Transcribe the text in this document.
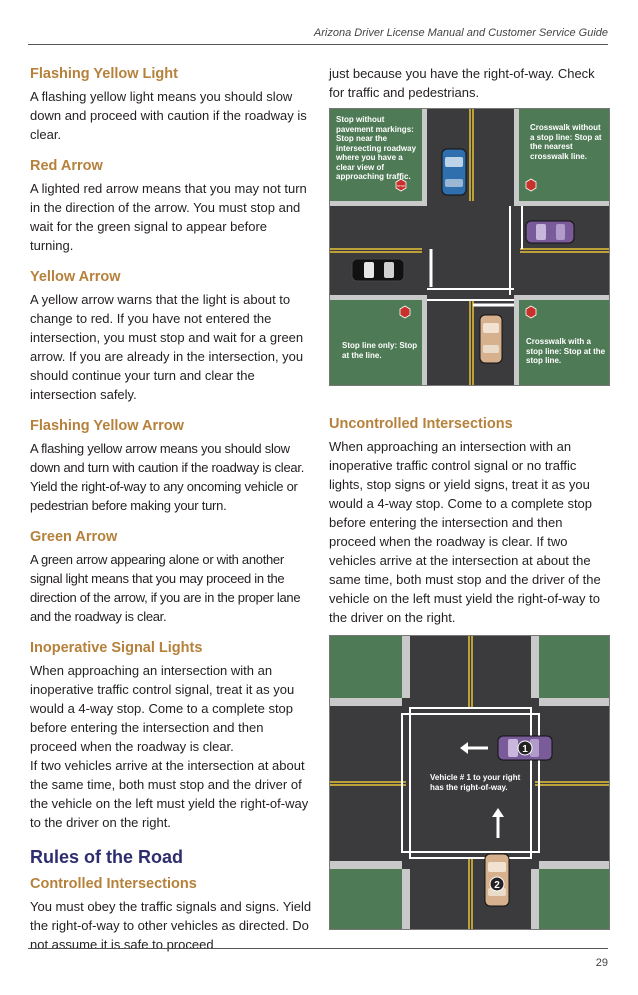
Arizona Driver License Manual and Customer Service Guide
Flashing Yellow Light

A flashing yellow light means you should slow down and proceed with caution if the roadway is clear.

Red Arrow

A lighted red arrow means that you may not turn in the direction of the arrow. You must stop and wait for the green signal to appear before turning.

Yellow Arrow

A yellow arrow warns that the light is about to change to red. If you have not entered the intersection, you must stop and wait for a green arrow. If you are already in the intersection, you should continue your turn and clear the intersection safely.

Flashing Yellow Arrow

A flashing yellow arrow means you should slow down and turn with caution if the roadway is clear. Yield the right-of-way to any oncoming vehicle or pedestrian before making your turn.

Green Arrow

A green arrow appearing alone or with another signal light means that you may proceed in the direction of the arrow, if you are in the proper lane and the roadway is clear.

Inoperative Signal Lights

When approaching an intersection with an inoperative traffic control signal, treat it as you would a 4-way stop. Come to a complete stop before entering the intersection and then proceed when the roadway is clear.

If two vehicles arrive at the intersection at about the same time, both must stop and the driver of the vehicle on the left must yield the right-of-way to the driver on the right.

Rules of the Road
Controlled Intersections

You must obey the traffic signals and signs. Yield the right-of-way to other vehicles as directed. Do not assume it is safe to proceed

just because you have the right-of-way. Check for traffic and pedestrians.

Uncontrolled Intersections

When approaching an intersection with an inoperative traffic control signal or no traffic lights, stop signs or yield signs, treat it as you would a 4-way stop. Come to a complete stop before entering the intersection and then proceed when the roadway is clear. If two vehicles arrive at the intersection at about the same time, both must stop and the driver of the vehicle on the left must yield the right-of-way to the driver on the right.

STOP
Stop without pavement markings: Stop near the intersecting roadway where you have a clear view of approaching traffic.
Crosswalk without a stop line: Stop at the nearest crosswalk line.
Stop line only: Stop at the line.
Crosswalk with a stop line: Stop at the stop line.
1
2
Vehicle # 1 to your right has the right-of-way.
29
